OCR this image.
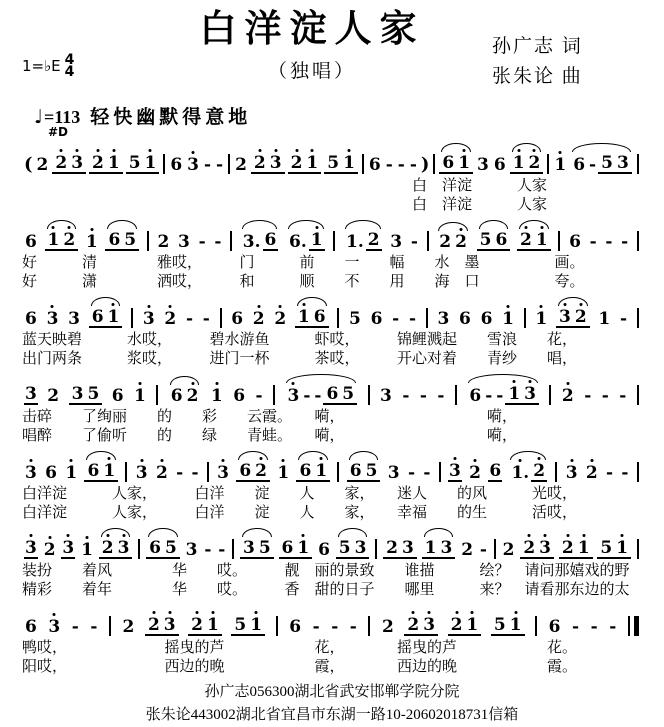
1=♭E 4
4
白洋淀人家
（独唱）
孙广志 词
张朱论 曲
♩ =113 轻快幽默得意地
#D
( 2 2 3 2 1 5 1 6 3 - - 2 2 3 2 1 5 1 6 - - - ) 6 1 3 6 1 2 1 6 - 5 3
　　　　　　　　　　　　　　　　　　　　　　　　　　白　洋淀　　　人家
　　　　　　　　　　　　　　　　　　　　　　　　　　白　洋淀　　　人家
6 1 2 1 6 5 2 3 - - 3. 6 6. 1 1. 2 3 - 2 2 5 6 2 1 6 - - -
好　　　清　　　　雅哎，　　　门　　　前　　一　　幅　　水　墨　　　　　画。
好　　　潇　　　　洒哎，　　　和　　　顺　　不　　用　　海　口　　　　　夸。
6 3 3 6 1 3 2 - - 6 2 2 1 6 5 6 - - 3 6 6 1 1 3 2 1 -
蓝天映碧　　　水哎，　　　碧水游鱼　　　虾哎，　　　锦鲤溅起　　雪浪　　花，
出门两条　　　浆哎，　　　进门一杯　　　茶哎，　　　开心对着　　青纱　　唱，
3 2 3 5 6 1 6 2 1 6 - 3 - - 6 5 3 - - - 6 - - 1 3 2 - - -
击碎　　了绚丽　　的　　彩　　云霞。　　嗬，　　　　　　　　　　嗬，
唱醉　　了偷听　　的　　绿　　青蛙。　　嗬，　　　　　　　　　　嗬，
3 6 1 6 1 3 2 - - 3 6 2 1 6 1 6 5 3 - - 3 2 6 1. 2 3 2 - -
白洋淀　　　人家，　　　白洋　　淀　　人　　家，　　迷人　　的风　　　光哎，
白洋淀　　　人家，　　　白洋　　淀　　人　　家，　　幸福　　的生　　　活哎，
3 2 3 1 2 3 6 5 3 - - 3 5 6 1 6 5 3 2 3 1 3 2 - 2 2 3 2 1 5 1
装扮　　着风　　　　华　　哎。　　　靓　丽的景致　　谁描　　　绘？　请问那嬉戏的野
精彩　　着年　　　　华　　哎。　　　香　甜的日子　　哪里　　　来？　请看那东边的太
6 3 - - 2 2 3 2 1 5 1 6 - - - 2 2 3 2 1 5 1 6 - - -
鸭哎，　　　　　　　摇曳的芦　　　　　　花，　　　　摇曳的芦　　　　　　花。
阳哎，　　　　　　　西边的晚　　　　　　霞，　　　　西边的晚　　　　　　霞。
孙广志056300湖北省武安邯郸学院分院
张朱论443002湖北省宜昌市东湖一路10-20602018731信箱
